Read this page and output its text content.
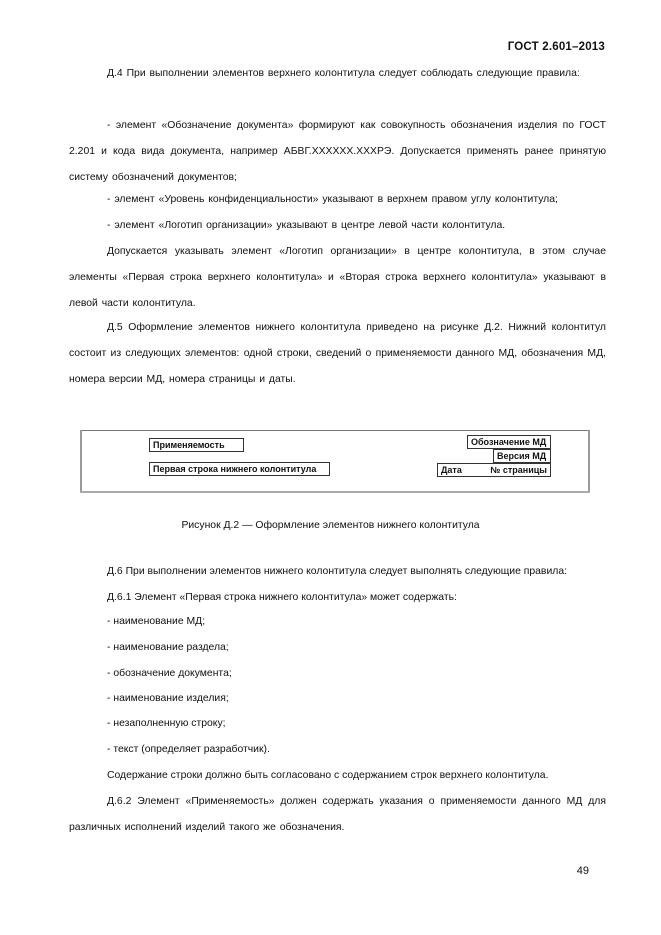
ГОСТ 2.601–2013

Д.4 При выполнении элементов верхнего колонтитула следует соблюдать следующие правила:

- элемент «Обозначение документа» формируют как совокупность обозначения изделия по ГОСТ 2.201 и кода вида документа, например АБВГ.XXXXXX.XXXРЭ. Допускается применять ранее принятую систему обозначений документов;

- элемент «Уровень конфиденциальности» указывают в верхнем правом углу колонтитула;

- элемент «Логотип организации» указывают в центре левой части колонтитула.

Допускается указывать элемент «Логотип организации» в центре колонтитула, в этом случае элементы «Первая строка верхнего колонтитула» и «Вторая строка верхнего колонтитула» указывают в левой части колонтитула.

Д.5 Оформление элементов нижнего колонтитула приведено на рисунке Д.2. Нижний колонтитул состоит из следующих элементов: одной строки, сведений о применяемости данного МД, обозначения МД, номера версии МД, номера страницы и даты.

Применяемость
Первая строка нижнего колонтитула
Обозначение МД
Версия МД
Дата	№ страницы
Рисунок Д.2 — Оформление элементов нижнего колонтитула
Д.6 При выполнении элементов нижнего колонтитула следует выполнять следующие правила:
Д.6.1 Элемент «Первая строка нижнего колонтитула» может содержать:
- наименование МД;
- наименование раздела;
- обозначение документа;
- наименование изделия;
- незаполненную строку;
- текст (определяет разработчик).
Содержание строки должно быть согласовано с содержанием строк верхнего колонтитула.

Д.6.2 Элемент «Применяемость» должен содержать указания о применяемости данного МД для различных исполнений изделий такого же обозначения.

49
